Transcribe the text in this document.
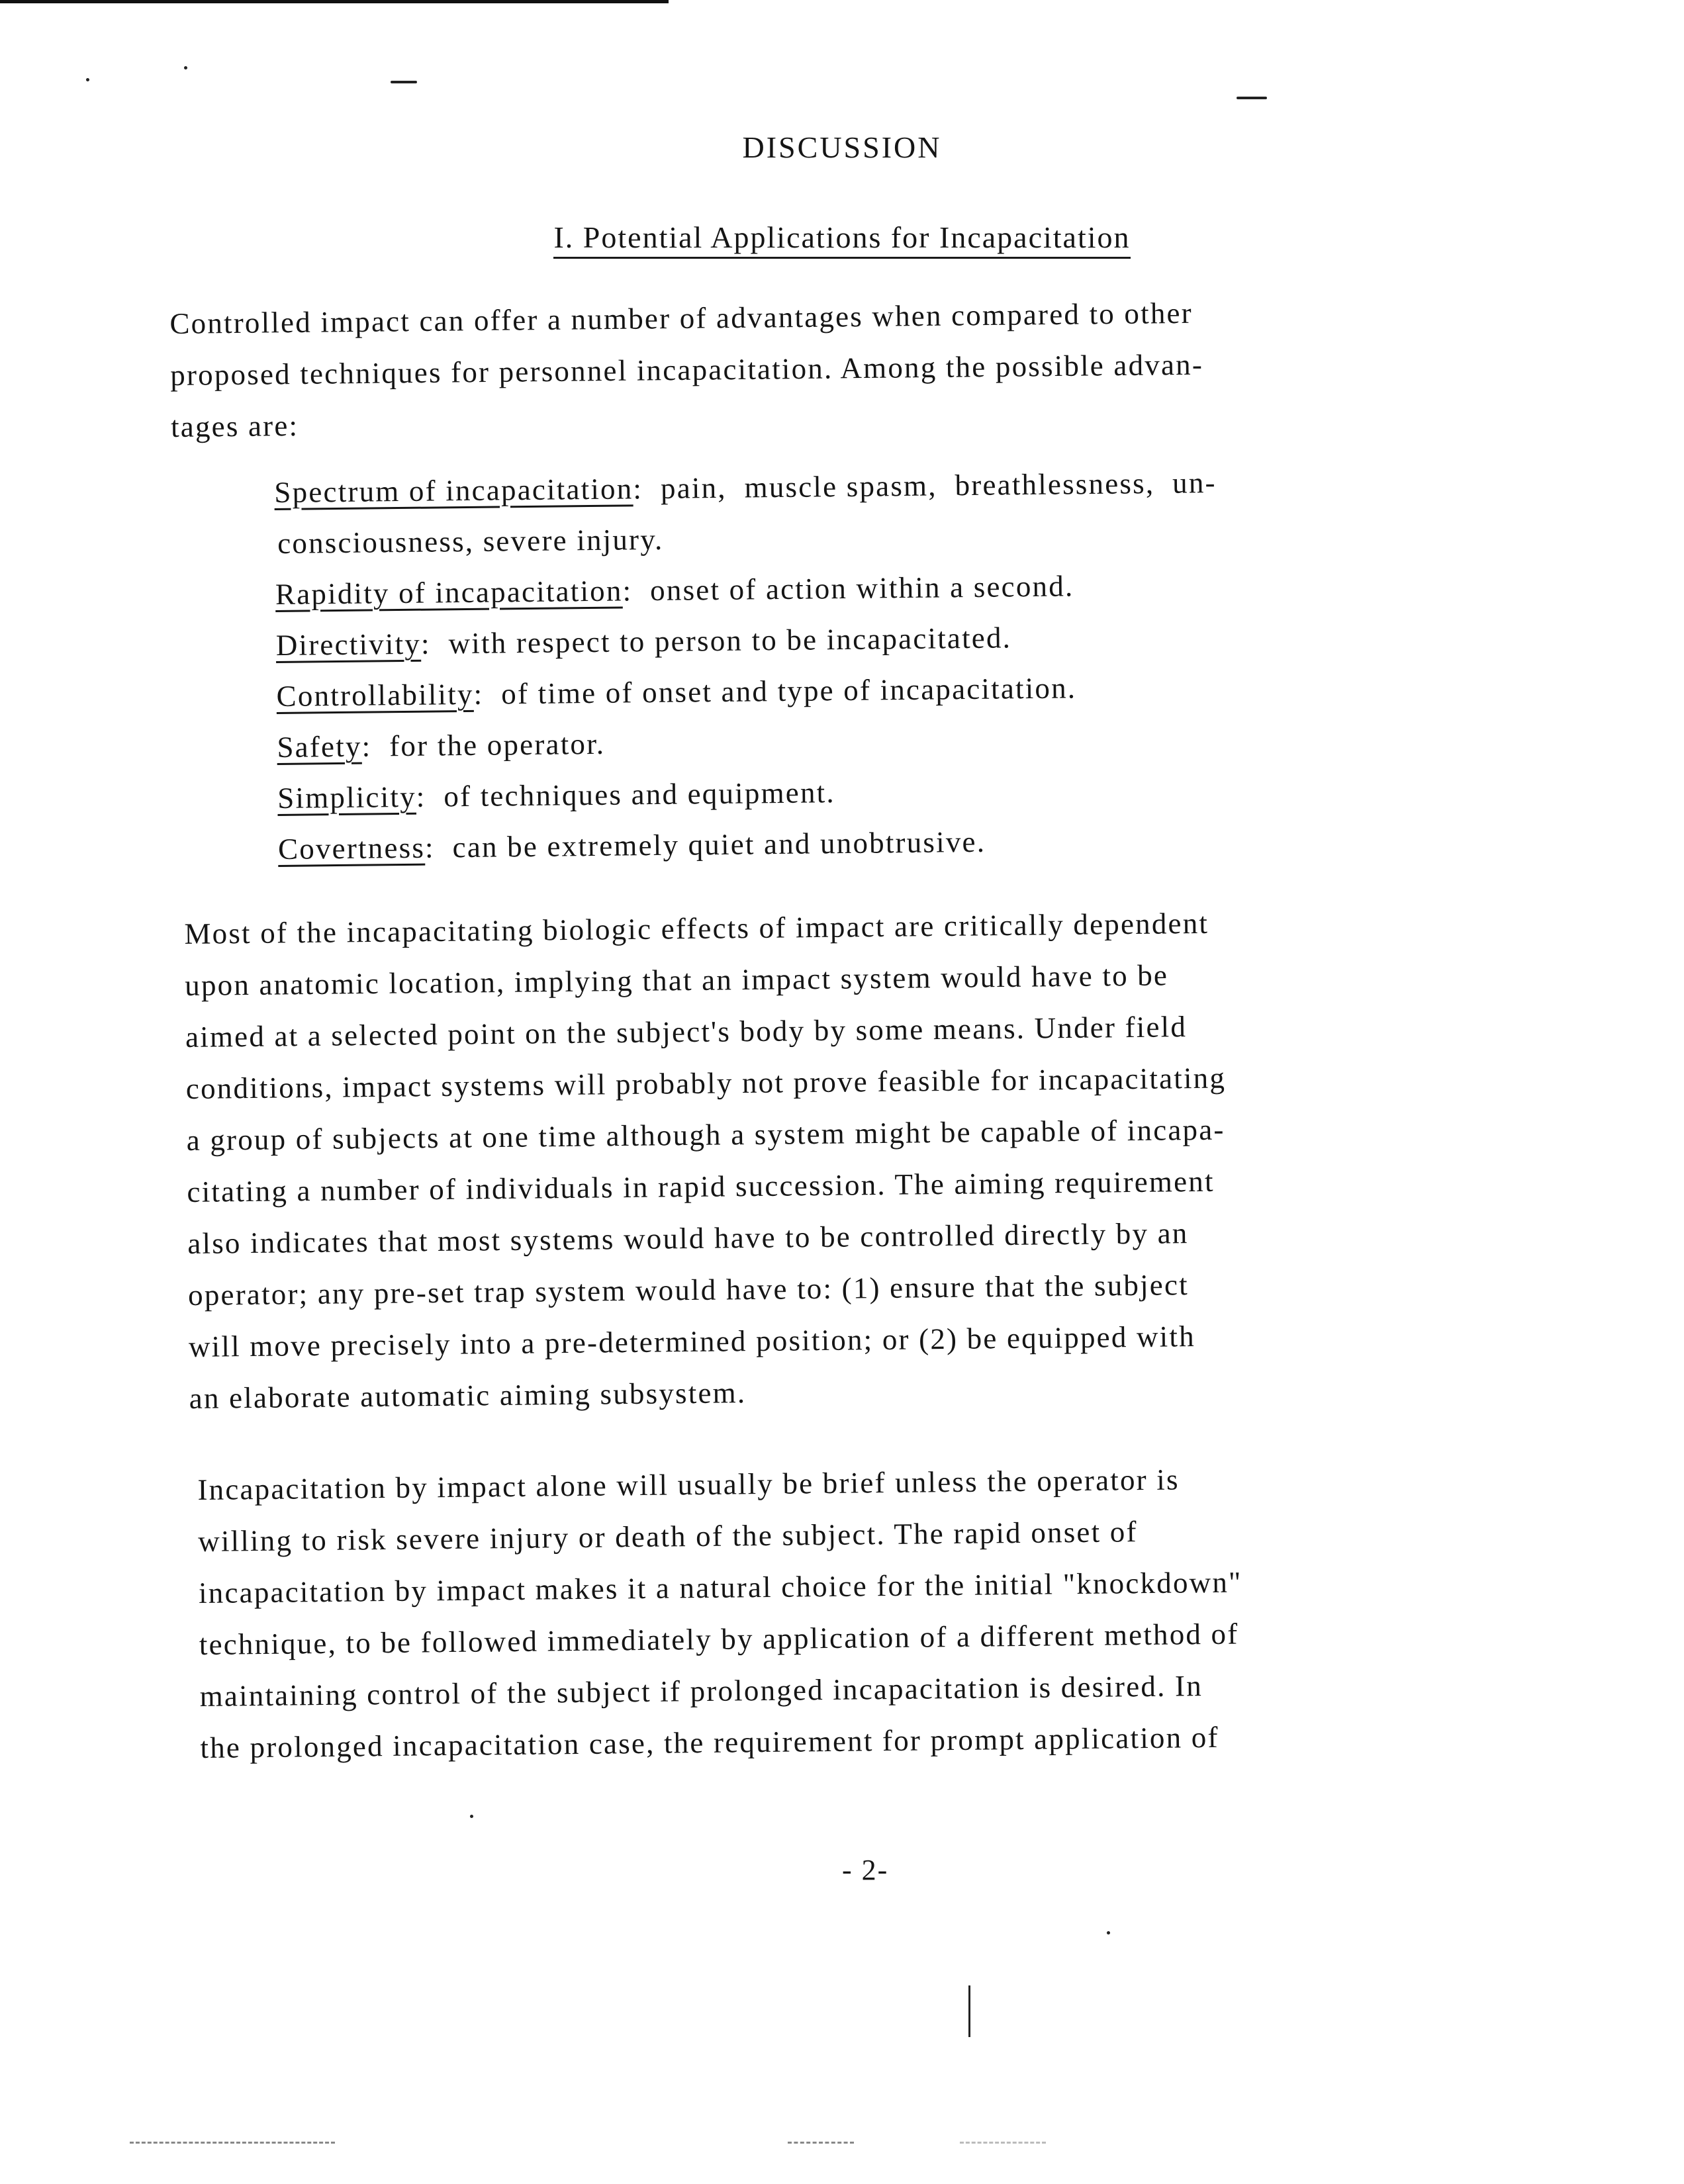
DISCUSSION
I. Potential Applications for Incapacitation
Controlled impact can offer a number of advantages when compared to other
proposed techniques for personnel incapacitation. Among the possible advan-
tages are:
Spectrum of incapacitation:  pain,  muscle spasm,  breathlessness,  un-
consciousness, severe injury.
Rapidity of incapacitation:  onset of action within a second.
Directivity:  with respect to person to be incapacitated.
Controllability:  of time of onset and type of incapacitation.
Safety:  for the operator.
Simplicity:  of techniques and equipment.
Covertness:  can be extremely quiet and unobtrusive.
Most of the incapacitating biologic effects of impact are critically dependent
upon anatomic location, implying that an impact system would have to be
aimed at a selected point on the subject's body by some means. Under field
conditions, impact systems will probably not prove feasible for incapacitating
a group of subjects at one time although a system might be capable of incapa-
citating a number of individuals in rapid succession. The aiming requirement
also indicates that most systems would have to be controlled directly by an
operator; any pre-set trap system would have to: (1) ensure that the subject
will move precisely into a pre-determined position; or (2) be equipped with
an elaborate automatic aiming subsystem.
Incapacitation by impact alone will usually be brief unless the operator is
willing to risk severe injury or death of the subject. The rapid onset of
incapacitation by impact makes it a natural choice for the initial "knockdown"
technique, to be followed immediately by application of a different method of
maintaining control of the subject if prolonged incapacitation is desired. In
the prolonged incapacitation case, the requirement for prompt application of
- 2-
